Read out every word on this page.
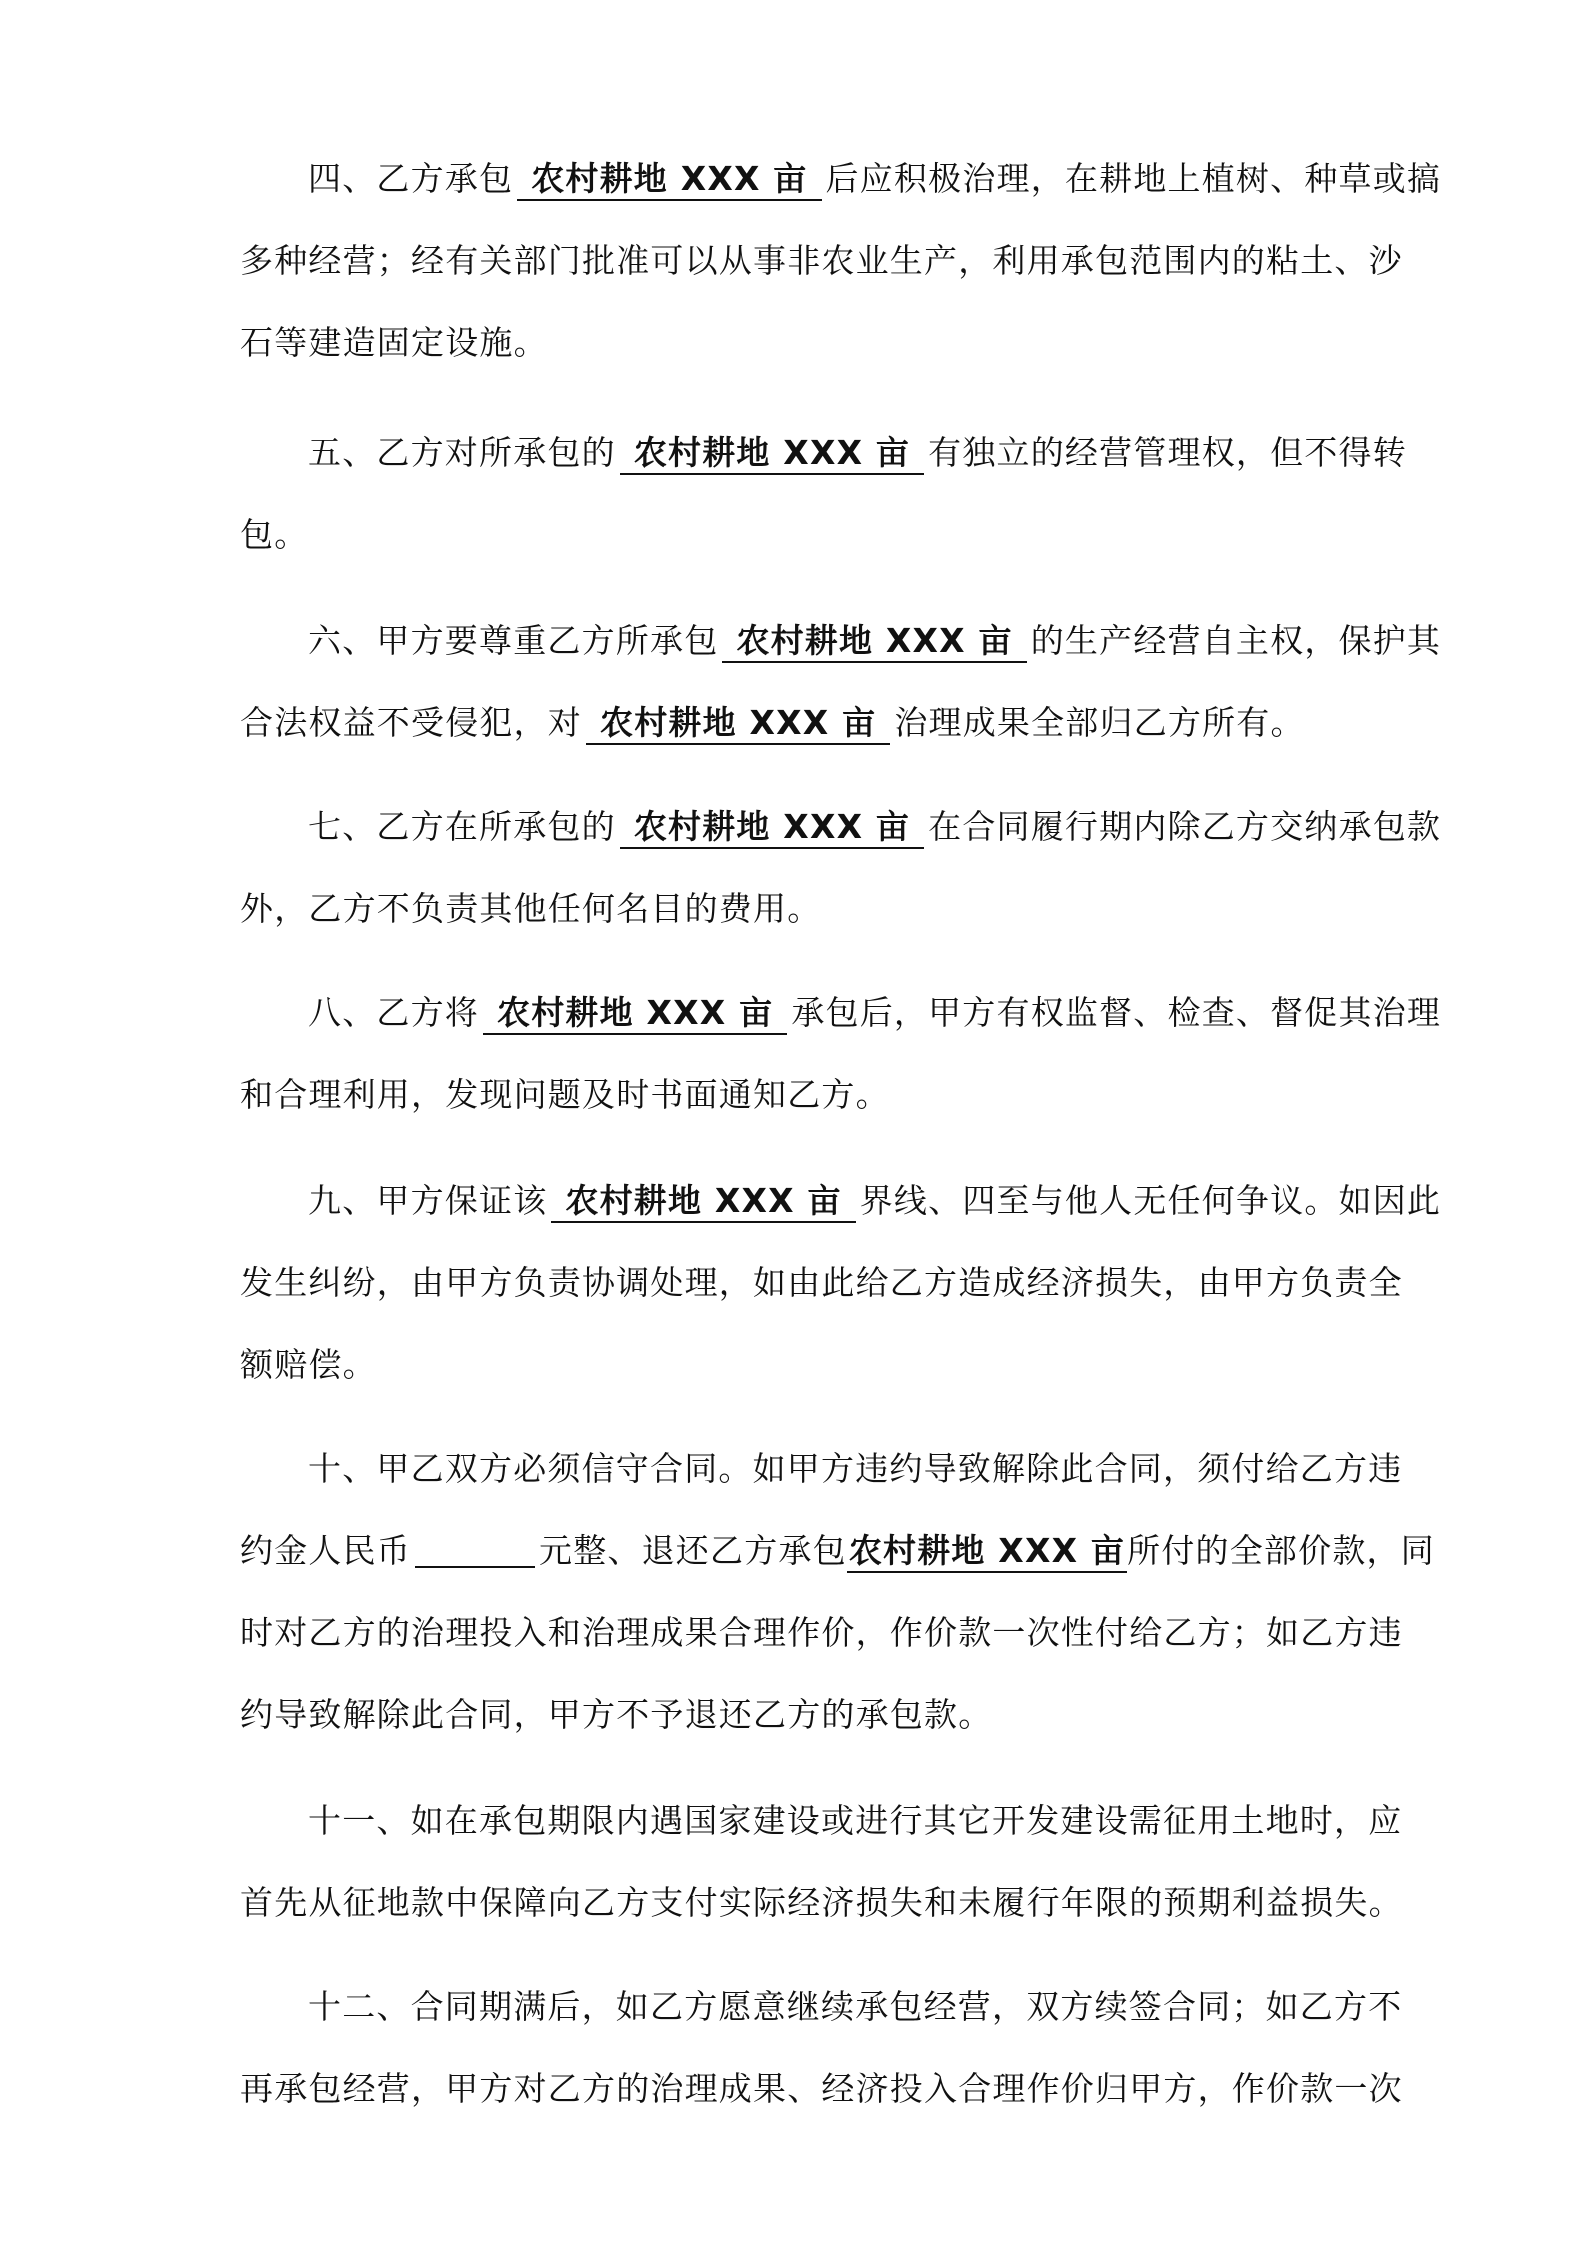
四、乙方承包 农村耕地 XXX 亩 后应积极治理，在耕地上植树、种草或搞
多种经营；经有关部门批准可以从事非农业生产，利用承包范围内的粘土、沙
石等建造固定设施。
五、乙方对所承包的 农村耕地 XXX 亩 有独立的经营管理权，但不得转
包。
六、甲方要尊重乙方所承包 农村耕地 XXX 亩 的生产经营自主权，保护其
合法权益不受侵犯，对 农村耕地 XXX 亩 治理成果全部归乙方所有。
七、乙方在所承包的 农村耕地 XXX 亩 在合同履行期内除乙方交纳承包款
外，乙方不负责其他任何名目的费用。
八、乙方将 农村耕地 XXX 亩 承包后，甲方有权监督、检查、督促其治理
和合理利用，发现问题及时书面通知乙方。
九、甲方保证该 农村耕地 XXX 亩 界线、四至与他人无任何争议。如因此
发生纠纷，由甲方负责协调处理，如由此给乙方造成经济损失，由甲方负责全
额赔偿。
十、甲乙双方必须信守合同。如甲方违约导致解除此合同，须付给乙方违
约金人民币	元整、退还乙方承包农村耕地 XXX 亩所付的全部价款，同
时对乙方的治理投入和治理成果合理作价，作价款一次性付给乙方；如乙方违
约导致解除此合同，甲方不予退还乙方的承包款。
十一、如在承包期限内遇国家建设或进行其它开发建设需征用土地时，应
首先从征地款中保障向乙方支付实际经济损失和未履行年限的预期利益损失。
十二、合同期满后，如乙方愿意继续承包经营，双方续签合同；如乙方不
再承包经营，甲方对乙方的治理成果、经济投入合理作价归甲方，作价款一次
